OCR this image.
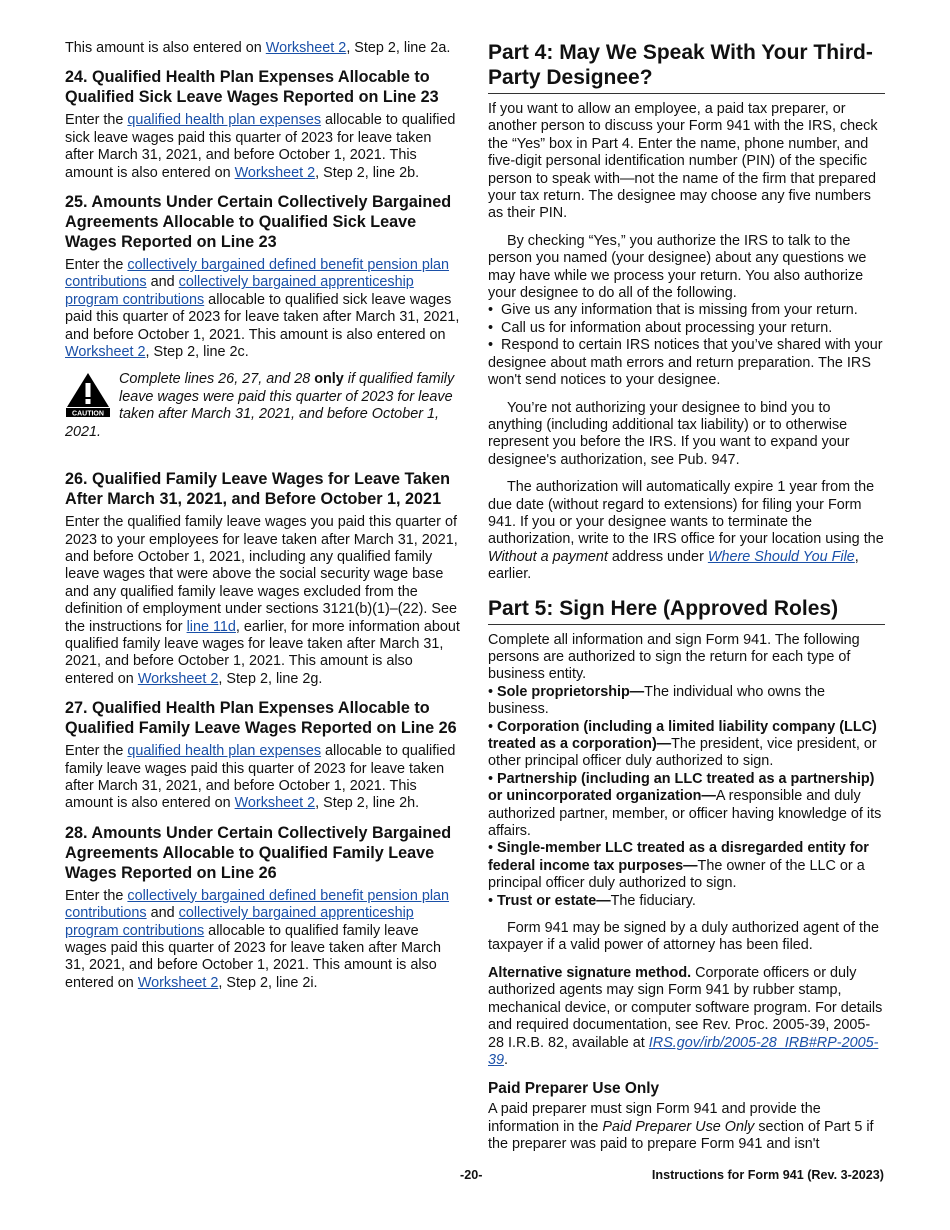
This amount is also entered on Worksheet 2, Step 2, line 2a.

24. Qualified Health Plan Expenses Allocable to Qualified Sick Leave Wages Reported on Line 23

Enter the qualified health plan expenses allocable to qualified sick leave wages paid this quarter of 2023 for leave taken after March 31, 2021, and before October 1, 2021. This amount is also entered on Worksheet 2, Step 2, line 2b.

25. Amounts Under Certain Collectively Bargained Agreements Allocable to Qualified Sick Leave Wages Reported on Line 23

Enter the collectively bargained defined benefit pension plan contributions and collectively bargained apprenticeship program contributions allocable to qualified sick leave wages paid this quarter of 2023 for leave taken after March 31, 2021, and before October 1, 2021. This amount is also entered on Worksheet 2, Step 2, line 2c.

CAUTION
Complete lines 26, 27, and 28 only if qualified family leave wages were paid this quarter of 2023 for leave taken after March 31, 2021, and before October 1, 2021.
26. Qualified Family Leave Wages for Leave Taken After March 31, 2021, and Before October 1, 2021

Enter the qualified family leave wages you paid this quarter of 2023 to your employees for leave taken after March 31, 2021, and before October 1, 2021, including any qualified family leave wages that were above the social security wage base and any qualified family leave wages excluded from the definition of employment under sections 3121(b)(1)–(22). See the instructions for line 11d, earlier, for more information about qualified family leave wages for leave taken after March 31, 2021, and before October 1, 2021. This amount is also entered on Worksheet 2, Step 2, line 2g.

27. Qualified Health Plan Expenses Allocable to Qualified Family Leave Wages Reported on Line 26

Enter the qualified health plan expenses allocable to qualified family leave wages paid this quarter of 2023 for leave taken after March 31, 2021, and before October 1, 2021. This amount is also entered on Worksheet 2, Step 2, line 2h.

28. Amounts Under Certain Collectively Bargained Agreements Allocable to Qualified Family Leave Wages Reported on Line 26

Enter the collectively bargained defined benefit pension plan contributions and collectively bargained apprenticeship program contributions allocable to qualified family leave wages paid this quarter of 2023 for leave taken after March 31, 2021, and before October 1, 2021. This amount is also entered on Worksheet 2, Step 2, line 2i.

Part 4: May We Speak With Your Third-Party Designee?

If you want to allow an employee, a paid tax preparer, or another person to discuss your Form 941 with the IRS, check the “Yes” box in Part 4. Enter the name, phone number, and five-digit personal identification number (PIN) of the specific person to speak with—not the name of the firm that prepared your tax return. The designee may choose any five numbers as their PIN.

By checking “Yes,” you authorize the IRS to talk to the person you named (your designee) about any questions we may have while we process your return. You also authorize your designee to do all of the following.

•  Give us any information that is missing from your return.

•  Call us for information about processing your return.

•  Respond to certain IRS notices that you’ve shared with your designee about math errors and return preparation. The IRS won't send notices to your designee.

You’re not authorizing your designee to bind you to anything (including additional tax liability) or to otherwise represent you before the IRS. If you want to expand your designee's authorization, see Pub. 947.

The authorization will automatically expire 1 year from the due date (without regard to extensions) for filing your Form 941. If you or your designee wants to terminate the authorization, write to the IRS office for your location using the Without a payment address under Where Should You File, earlier.

Part 5: Sign Here (Approved Roles)

Complete all information and sign Form 941. The following persons are authorized to sign the return for each type of business entity.

• Sole proprietorship—The individual who owns the business.

• Corporation (including a limited liability company (LLC) treated as a corporation)—The president, vice president, or other principal officer duly authorized to sign.

• Partnership (including an LLC treated as a partnership) or unincorporated organization—A responsible and duly authorized partner, member, or officer having knowledge of its affairs.

• Single-member LLC treated as a disregarded entity for federal income tax purposes—The owner of the LLC or a principal officer duly authorized to sign.

• Trust or estate—The fiduciary.

Form 941 may be signed by a duly authorized agent of the taxpayer if a valid power of attorney has been filed.

Alternative signature method. Corporate officers or duly authorized agents may sign Form 941 by rubber stamp, mechanical device, or computer software program. For details and required documentation, see Rev. Proc. 2005-39, 2005-28 I.R.B. 82, available at IRS.gov/irb/2005-28_IRB#RP-2005-39.

Paid Preparer Use Only

A paid preparer must sign Form 941 and provide the information in the Paid Preparer Use Only section of Part 5 if the preparer was paid to prepare Form 941 and isn't

-20-	Instructions for Form 941 (Rev. 3-2023)
